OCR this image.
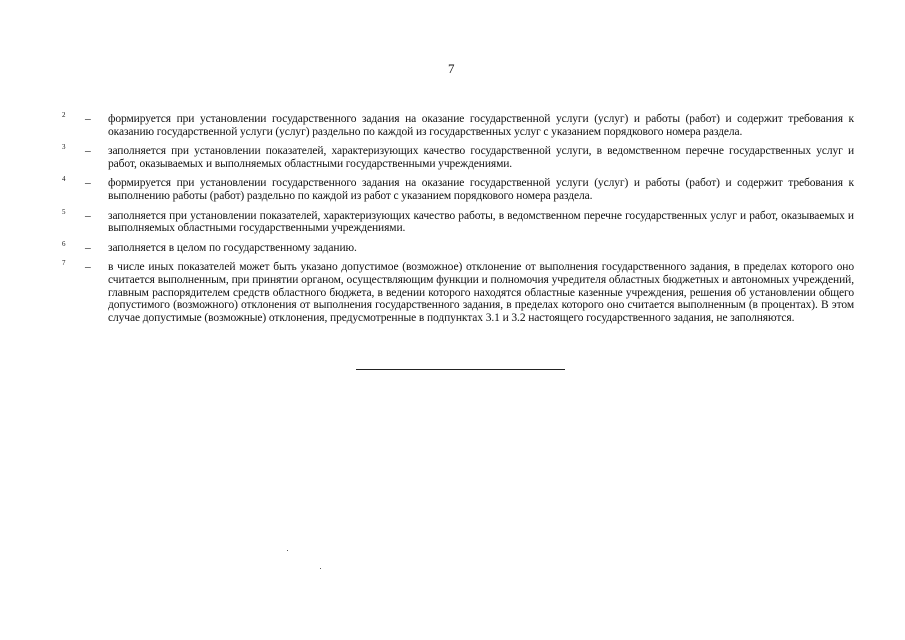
7
2 – формируется при установлении государственного задания на оказание государственной услуги (услуг) и работы (работ) и содержит требования к оказанию государственной услуги (услуг) раздельно по каждой из государственных услуг с указанием порядкового номера раздела.
3 – заполняется при установлении показателей, характеризующих качество государственной услуги, в ведомственном перечне государственных услуг и работ, оказываемых и выполняемых областными государственными учреждениями.
4 – формируется при установлении государственного задания на оказание государственной услуги (услуг) и работы (работ) и содержит требования к выполнению работы (работ) раздельно по каждой из работ с указанием порядкового номера раздела.
5 – заполняется при установлении показателей, характеризующих качество работы, в ведомственном перечне государственных услуг и работ, оказываемых и выполняемых областными государственными учреждениями.
6 – заполняется в целом по государственному заданию.
7 – в числе иных показателей может быть указано допустимое (возможное) отклонение от выполнения государственного задания, в пределах которого оно считается выполненным, при принятии органом, осуществляющим функции и полномочия учредителя областных бюджетных и автономных учреждений, главным распорядителем средств областного бюджета, в ведении которого находятся областные казенные учреждения, решения об установлении общего допустимого (возможного) отклонения от выполнения государственного задания, в пределах которого оно считается выполненным (в процентах). В этом случае допустимые (возможные) отклонения, предусмотренные в подпунктах 3.1 и 3.2 настоящего государственного задания, не заполняются.
